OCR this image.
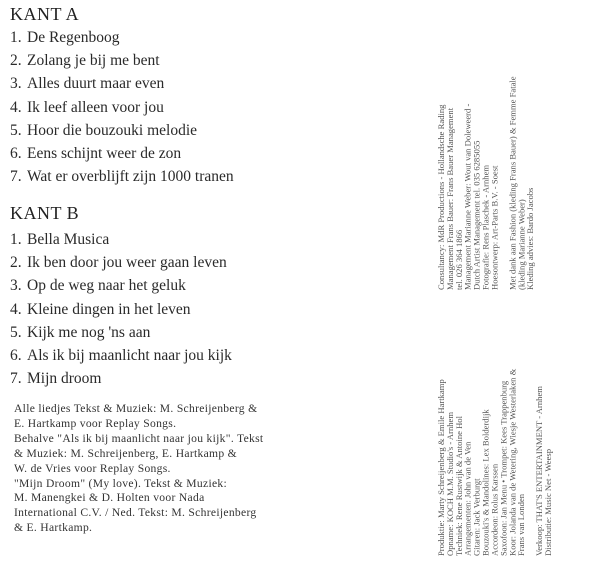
KANT A
1. De Regenboog
2. Zolang je bij me bent
3. Alles duurt maar even
4. Ik leef alleen voor jou
5. Hoor die bouzouki melodie
6. Eens schijnt weer de zon
7. Wat er overblijft zijn 1000 tranen
KANT B
1. Bella Musica
2. Ik ben door jou weer gaan leven
3. Op de weg naar het geluk
4. Kleine dingen in het leven
5. Kijk me nog 'ns aan
6. Als ik bij maanlicht naar jou kijk
7. Mijn droom
Alle liedjes Tekst & Muziek: M. Schreijenberg &
E. Hartkamp voor Replay Songs.
Behalve "Als ik bij maanlicht naar jou kijk". Tekst
& Muziek: M. Schreijenberg, E. Hartkamp &
W. de Vries voor Replay Songs.
"Mijn Droom" (My love). Tekst & Muziek:
M. Manengkei & D. Holten voor Nada
International C.V. / Ned. Tekst: M. Schreijenberg
& E. Hartkamp.
Consultancy: MdR Productions - Hollandsche Rading
Management Frans Bauer: Frans Bauer Management
tel. 026 364 1866
Management Marianne Weber: Wout van Doleweerd -
Dutch Artist Management tel. 035 6285055
Fotografie: Rens Plaschek - Arnhem
Hoesontwerp: Art-Parts B.V. - Soest Met dank aan Fashion (kleding Frans Bauer) & Femme Fatale
(kleding Marianne Weber)
Kleding advies: Bardo Jacobs
Produktie: Marty Schreijenberg & Emile Hartkamp
Opname: KOCH M.M. Studio's - Arnhem
Techniek: Rene Rustwijk & Antoine Hol
Arrangementen: John van de Ven
Gitaren: Jack Verburgt
Bouzouki's & Mandolines: Lex Bolderdijk
Accordeon: Rolus Karssen
Saxofoon: Jan Menu • Trompet: Kees Trappenburg
Koor: Jolanda van de Wetering, Wiesje Westerlaken &
Frans van Londen Verkoop: THAT'S ENTERTAINMENT - Arnhem
Distributie: Music Net - Weesp
